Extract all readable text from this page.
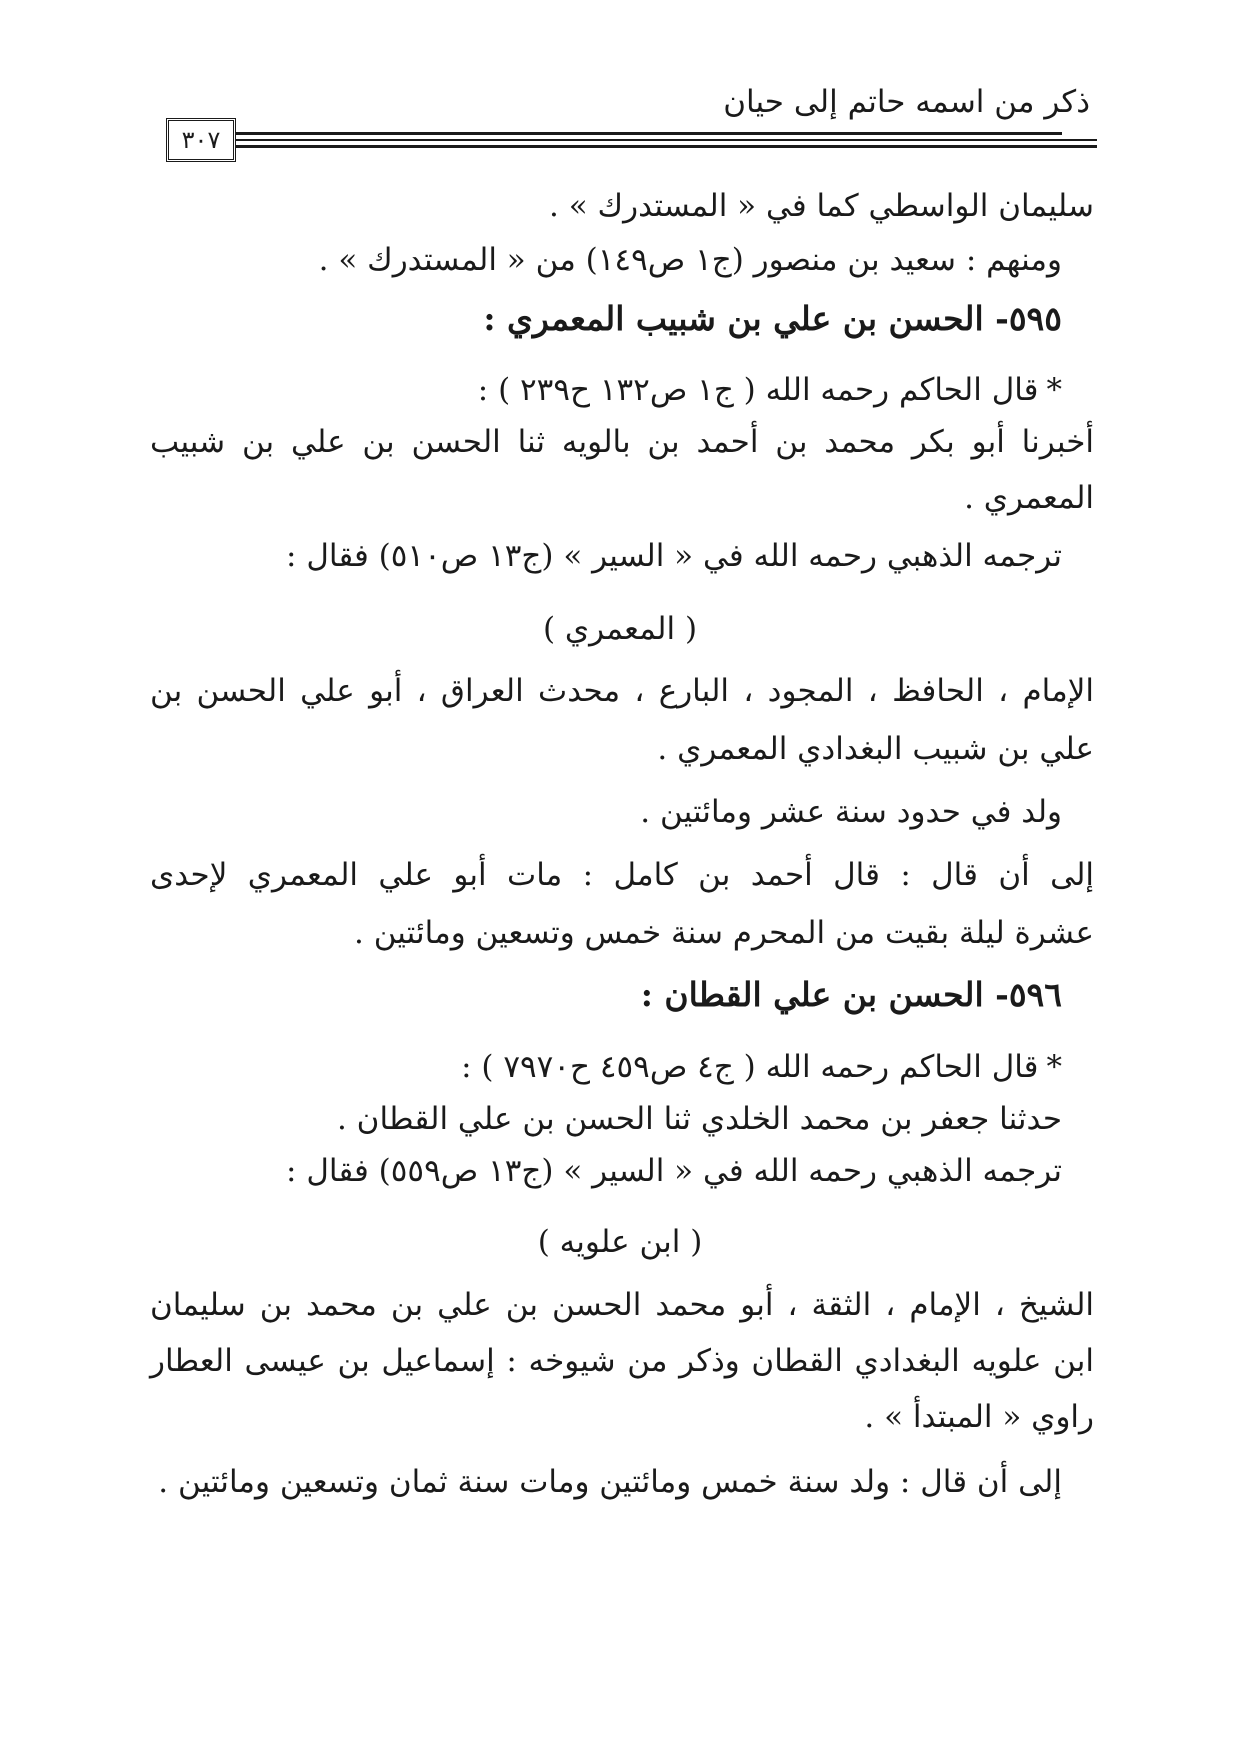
ذكر من اسمه حاتم إلى حيان
٣٠٧
سليمان الواسطي كما في « المستدرك » .
ومنهم : سعيد بن منصور (ج١ ص١٤٩) من « المستدرك » .
٥٩٥- الحسن بن علي بن شبيب المعمري :
*قال الحاكم رحمه الله ( ج١ ص١٣٢ ح٢٣٩ ) :
أخبرنا أبو بكر محمد بن أحمد بن بالويه ثنا الحسن بن علي بن شبيب
المعمري .
ترجمه الذهبي رحمه الله في « السير » (ج١٣ ص٥١٠) فقال :
( المعمري )
الإمام ، الحافظ ، المجود ، البارع ، محدث العراق ، أبو علي الحسن بن
علي بن شبيب البغدادي المعمري .
ولد في حدود سنة عشر ومائتين .
إلى أن قال : قال أحمد بن كامل : مات أبو علي المعمري لإحدى
عشرة ليلة بقيت من المحرم سنة خمس وتسعين ومائتين .
٥٩٦- الحسن بن علي القطان :
*قال الحاكم رحمه الله ( ج٤ ص٤٥٩ ح٧٩٧٠ ) :
حدثنا جعفر بن محمد الخلدي ثنا الحسن بن علي القطان .
ترجمه الذهبي رحمه الله في « السير » (ج١٣ ص٥٥٩) فقال :
( ابن علويه )
الشيخ ، الإمام ، الثقة ، أبو محمد الحسن بن علي بن محمد بن سليمان
ابن علويه البغدادي القطان وذكر من شيوخه : إسماعيل بن عيسى العطار
راوي « المبتدأ » .
إلى أن قال : ولد سنة خمس ومائتين ومات سنة ثمان وتسعين ومائتين .
